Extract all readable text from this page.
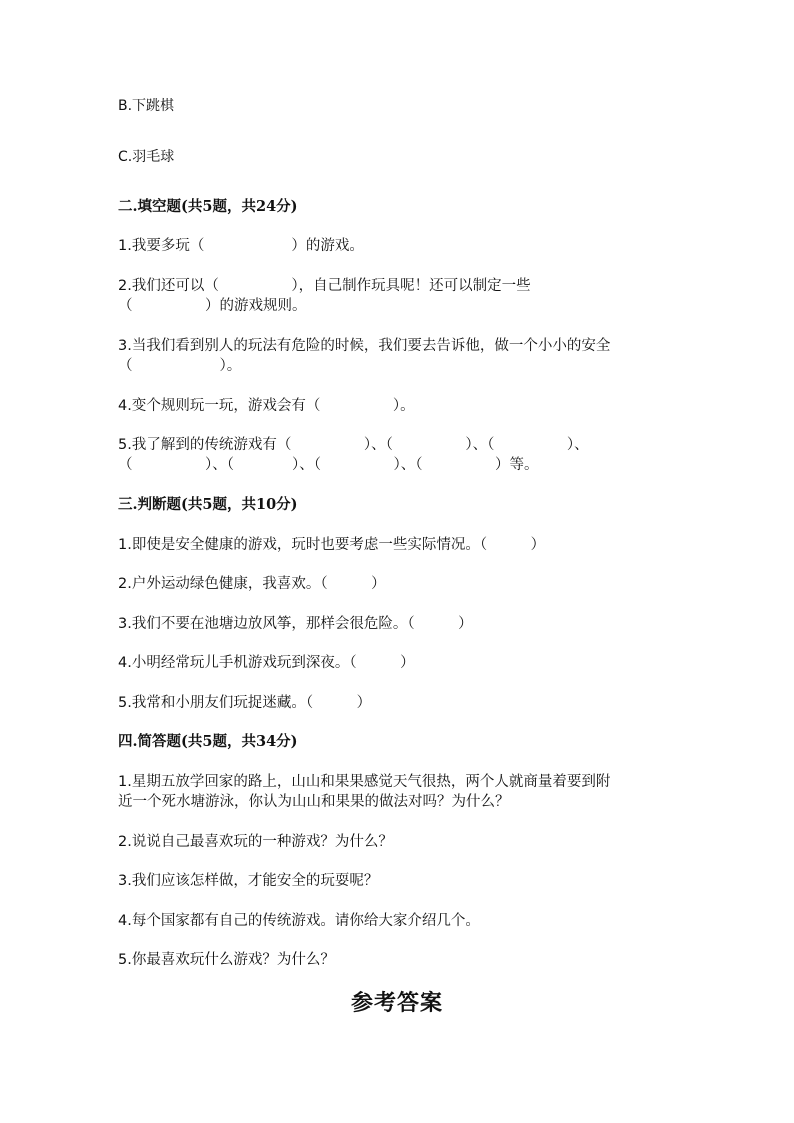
B.下跳棋
C.羽毛球
二.填空题(共5题，共24分)
1.我要多玩（　　　　　　）的游戏。
2.我们还可以（　　　　　），自己制作玩具呢！还可以制定一些
（　　　　　）的游戏规则。
3.当我们看到别人的玩法有危险的时候，我们要去告诉他，做一个小小的安全
（　　　　　　）。
4.变个规则玩一玩，游戏会有（　　　　　）。
5.我了解到的传统游戏有（　　　　　）、（　　　　　）、（　　　　　）、
（　　　　　）、（　　　　）、（　　　　　）、（　　　　　）等。
三.判断题(共5题，共10分)
1.即使是安全健康的游戏，玩时也要考虑一些实际情况。（　　　）
2.户外运动绿色健康，我喜欢。（　　　）
3.我们不要在池塘边放风筝，那样会很危险。（　　　）
4.小明经常玩儿手机游戏玩到深夜。（　　　）
5.我常和小朋友们玩捉迷藏。（　　　）
四.简答题(共5题，共34分)
1.星期五放学回家的路上，山山和果果感觉天气很热，两个人就商量着要到附
近一个死水塘游泳，你认为山山和果果的做法对吗？为什么？
2.说说自己最喜欢玩的一种游戏？为什么？
3.我们应该怎样做，才能安全的玩耍呢？
4.每个国家都有自己的传统游戏。请你给大家介绍几个。
5.你最喜欢玩什么游戏？为什么？
参考答案
